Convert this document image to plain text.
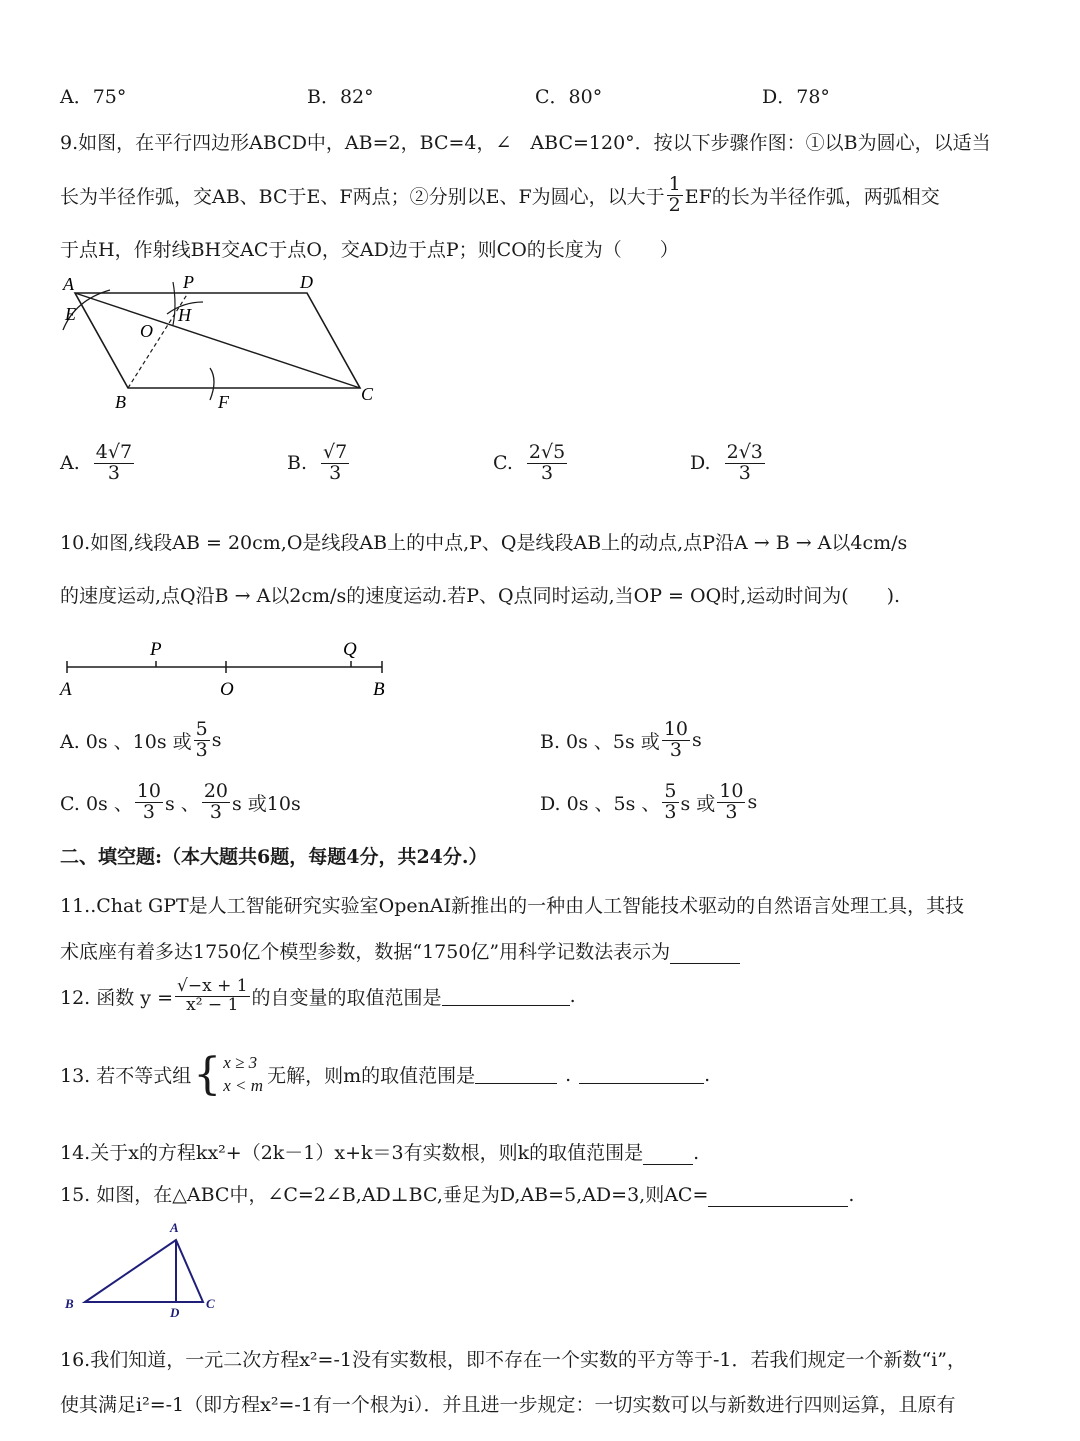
A．75°	B．82°	C．80°	D．78°
9.如图，在平行四边形ABCD中，AB=2，BC=4，∠　ABC=120°．按以下步骤作图：①以B为圆心，以适当
长为半径作弧，交AB、BC于E、F两点；②分别以E、F为圆心，以大于 $\frac{1}{2}$ EF的长为半径作弧，两弧相交
于点H，作射线BH交AC于点O，交AD边于点P；则CO的长度为（　　）
A	P	D
E	H
O
B	F	C
A. $\frac{4√7}{3}$	B. $\frac{√7}{3}$	C. $\frac{2√5}{3}$	D. $\frac{2√3}{3}$
10.如图,线段AB = 20cm,O是线段AB上的中点,P、Q是线段AB上的动点,点P沿A → B → A以4cm/s
的速度运动,点Q沿B → A以2cm/s的速度运动.若P、Q点同时运动,当OP = OQ时,运动时间为(　　).
P	Q
A	O	B
A. 0s 、10s 或 $\frac{5}{3}$ s	B. 0s 、5s 或 $\frac{10}{3}$ s
C. 0s 、 $\frac{10}{3}$ s 、 $\frac{20}{3}$ s 或10s	D. 0s 、5s 、 $\frac{5}{3}$ s 或 $\frac{10}{3}$ s
二、填空题:（本大题共6题，每题4分，共24分.）
11..Chat GPT是人工智能研究实验室OpenAI新推出的一种由人工智能技术驱动的自然语言处理工具，其技
术底座有着多达1750亿个模型参数，数据“1750亿”用科学记数法表示为
12. 函数 $y = \frac{√-x + 1}{\text{x² − 1}}$ 的自变量的取值范围是	.
13. 若不等式组 { x ≥ 3
x < m 无解，则m的取值范围是	.	.
14.关于x的方程kx²+（2k－1）x+k＝3有实数根，则k的取值范围是	.
15. 如图，在△ABC中，∠C=2∠B,AD⊥BC,垂足为D,AB=5,AD=3,则AC=	.
A
B
D
C
16.我们知道，一元二次方程x²=-1没有实数根，即不存在一个实数的平方等于-1．若我们规定一个新数“i”，
使其满足i²=-1（即方程x²=-1有一个根为i）．并且进一步规定：一切实数可以与新数进行四则运算，且原有
